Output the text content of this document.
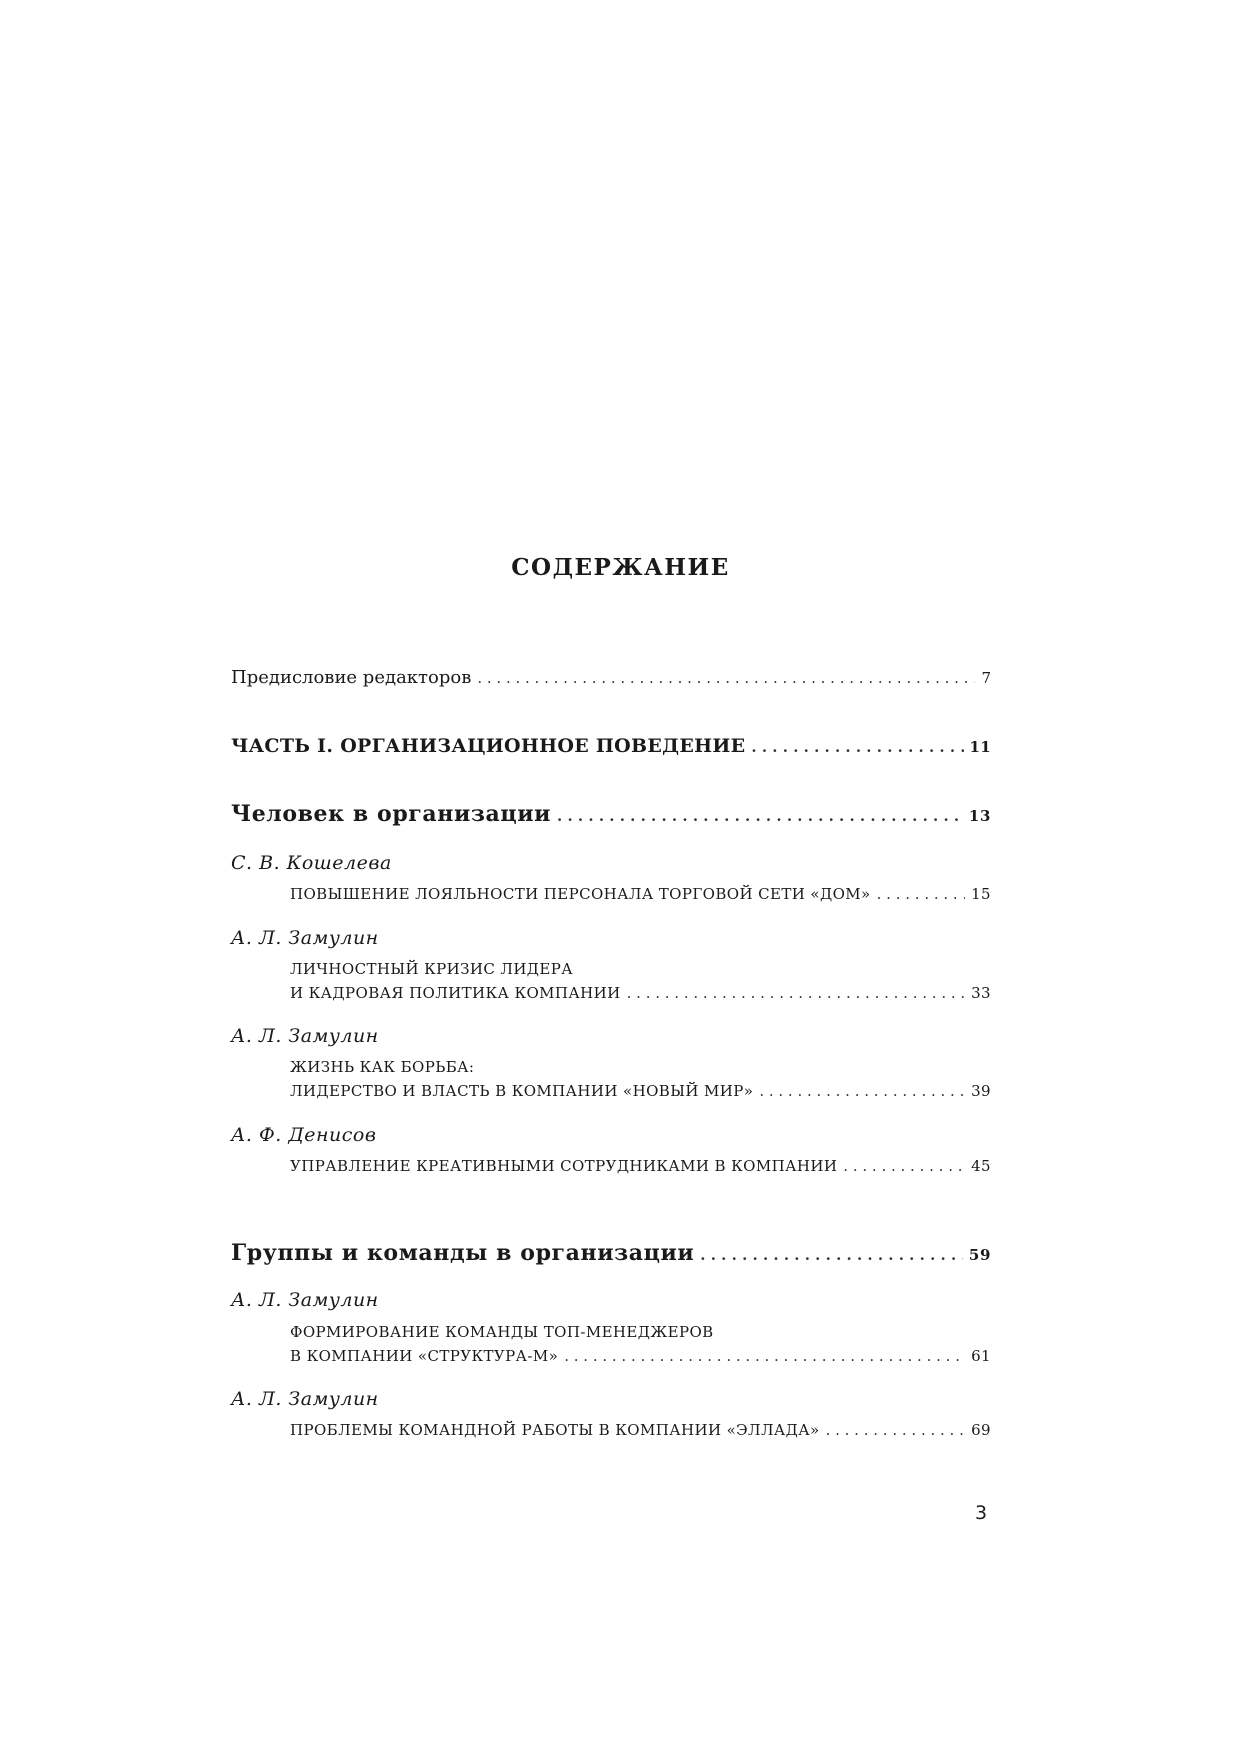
СОДЕРЖАНИЕ
Предисловие редакторов . . .	7
ЧАСТЬ I. ОРГАНИЗАЦИОННОЕ ПОВЕДЕНИЕ . . .	11
Человек в организации . . .	13
С. В. Кошелева
ПОВЫШЕНИЕ ЛОЯЛЬНОСТИ ПЕРСОНАЛА ТОРГОВОЙ СЕТИ «ДОМ» . . .	15
А. Л. Замулин
ЛИЧНОСТНЫЙ КРИЗИС ЛИДЕРА
И КАДРОВАЯ ПОЛИТИКА КОМПАНИИ . . .	33
А. Л. Замулин
ЖИЗНЬ КАК БОРЬБА:
ЛИДЕРСТВО И ВЛАСТЬ В КОМПАНИИ «НОВЫЙ МИР» . . .	39
А. Ф. Денисов
УПРАВЛЕНИЕ КРЕАТИВНЫМИ СОТРУДНИКАМИ В КОМПАНИИ . . .	45
Группы и команды в организации . . .	59
А. Л. Замулин
ФОРМИРОВАНИЕ КОМАНДЫ ТОП-МЕНЕДЖЕРОВ
В КОМПАНИИ «СТРУКТУРА-М» . . .	61
А. Л. Замулин
ПРОБЛЕМЫ КОМАНДНОЙ РАБОТЫ В КОМПАНИИ «ЭЛЛАДА» . . .	69
3
